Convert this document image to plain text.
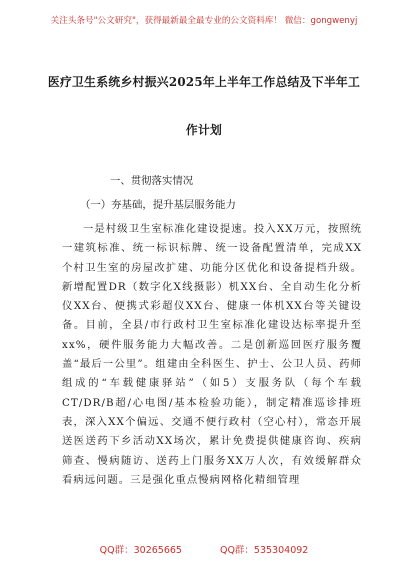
关注头条号"公文研究"，获得最新最全最专业的公文资料库！ 微信：gongwenyj
医疗卫生系统乡村振兴2025年上半年工作总结及下半年工
作计划
一、贯彻落实情况
（一）夯基础，提升基层服务能力

一是村级卫生室标准化建设提速。投入XX万元，按照统一建筑标准、统一标识标牌、统一设备配置清单，完成XX个村卫生室的房屋改扩建、功能分区优化和设备提档升级。新增配置DR（数字化X线摄影）机XX台、全自动生化分析仪XX台、便携式彩超仪XX台、健康一体机XX台等关键设备。目前，全县/市行政村卫生室标准化建设达标率提升至xx%，硬件服务能力大幅改善。二是创新巡回医疗服务覆盖“最后一公里”。组建由全科医生、护士、公卫人员、药师组成的“车载健康驿站”（如5）支服务队（每个车载CT/DR/B超/心电图/基本检验功能），制定精准巡诊排班表，深入XX个偏远、交通不便行政村（空心村），常态开展送医送药下乡活动XX场次，累计免费提供健康咨询、疾病筛查、慢病随访、送药上门服务XX万人次，有效缓解群众看病远问题。三是强化重点慢病网格化精细管理

QQ群：30265665	QQ群：535304092
